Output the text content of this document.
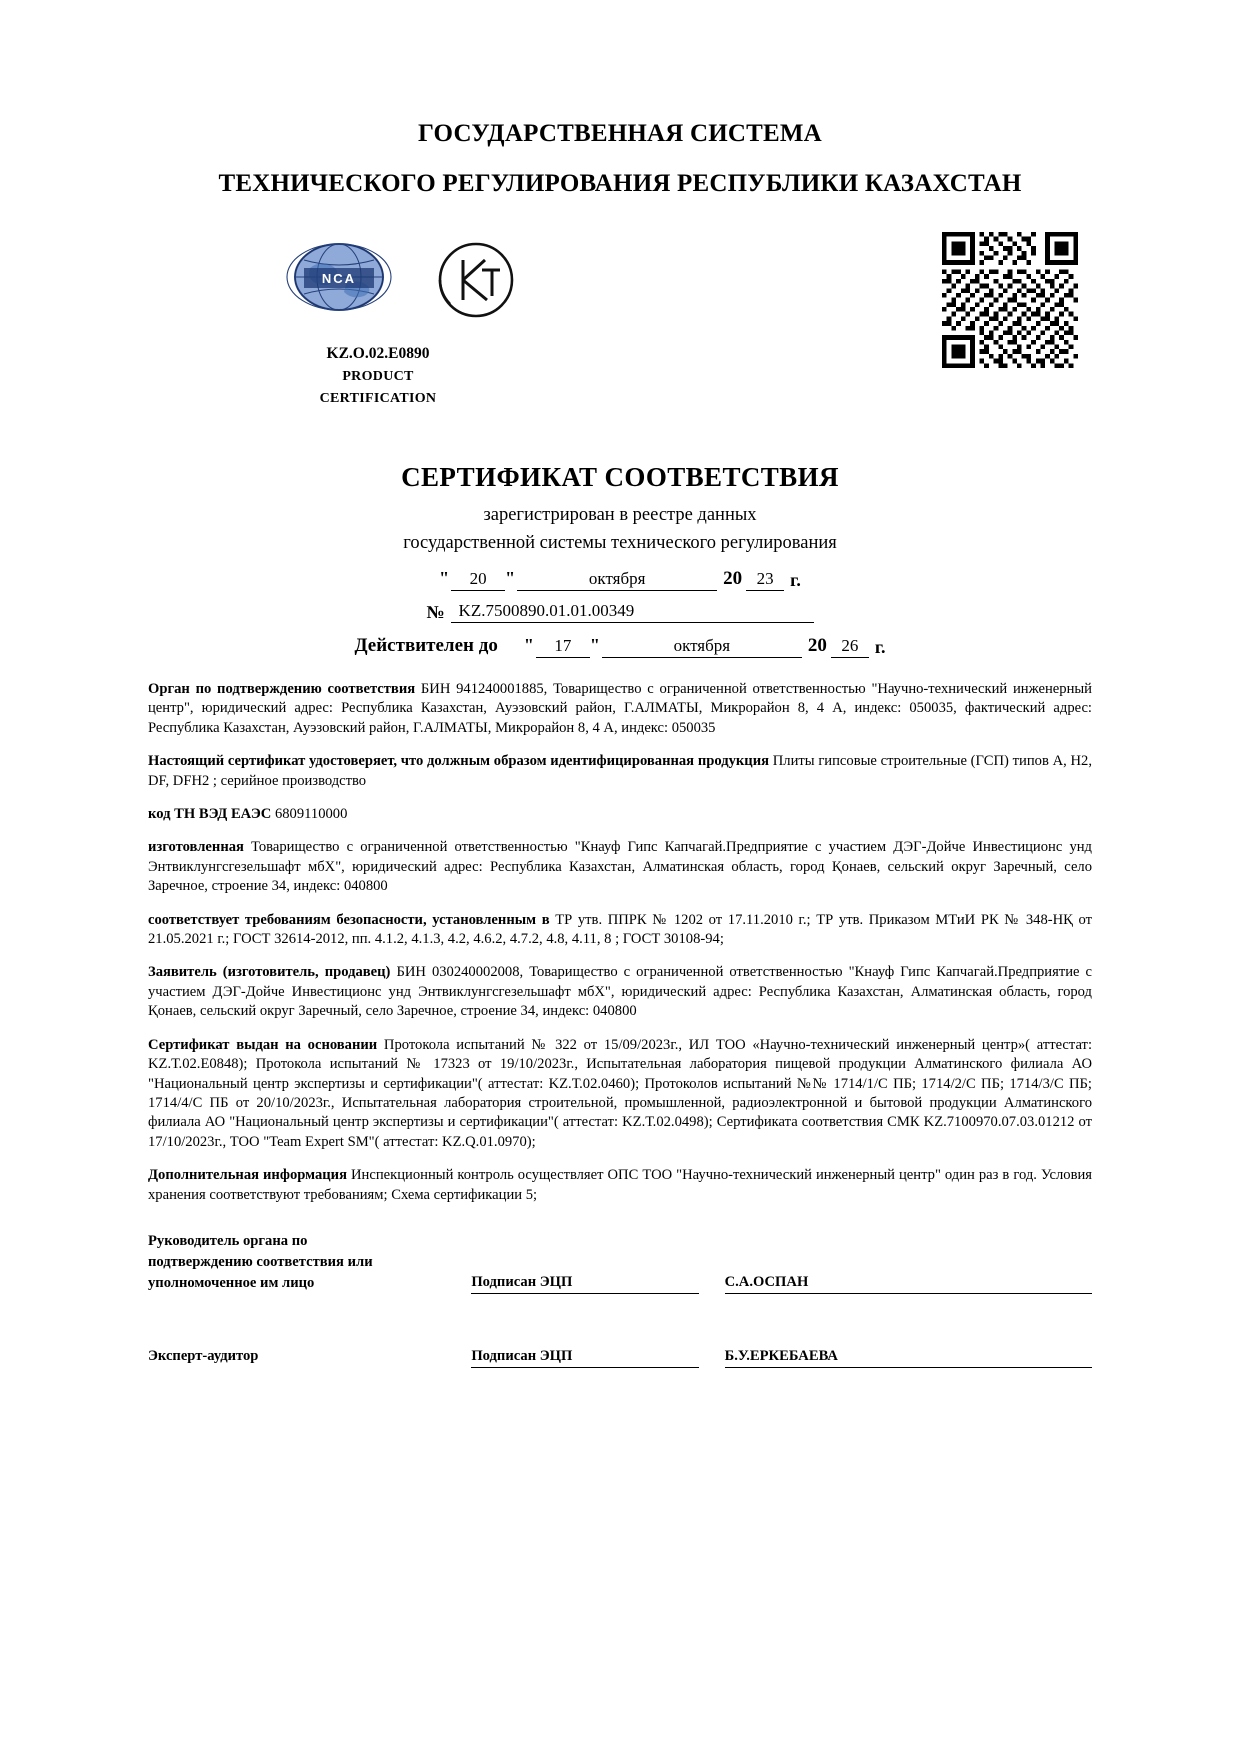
ГОСУДАРСТВЕННАЯ СИСТЕМА
ТЕХНИЧЕСКОГО РЕГУЛИРОВАНИЯ РЕСПУБЛИКИ КАЗАХСТАН
NCA
KZ.O.02.E0890
PRODUCT
CERTIFICATION
СЕРТИФИКАТ СООТВЕТСТВИЯ
зарегистрирован в реестре данных
государственной системы технического регулирования
"	20	"	октября	20 23 г.
№ KZ.7500890.01.01.00349
Действителен до	"	17	"	октября	20 26 г.

Орган по подтверждению соответствия БИН 941240001885, Товарищество с ограниченной ответственностью "Научно-технический инженерный центр", юридический адрес: Республика Казахстан, Ауэзовский район, Г.АЛМАТЫ, Микрорайон 8, 4 А, индекс: 050035, фактический адрес: Республика Казахстан, Ауэзовский район, Г.АЛМАТЫ, Микрорайон 8, 4 А, индекс: 050035

Настоящий сертификат удостоверяет, что должным образом идентифицированная продукция Плиты гипсовые строительные (ГСП) типов А, H2, DF, DFH2 ; серийное производство

код ТН ВЭД ЕАЭС 6809110000

изготовленная Товарищество с ограниченной ответственностью "Кнауф Гипс Капчагай.Предприятие с участием ДЭГ-Дойче Инвестиционс унд Энтвиклунгсгезельшафт мбХ", юридический адрес: Республика Казахстан, Алматинская область, город Қонаев, сельский округ Заречный, село Заречное, строение 34, индекс: 040800

соответствует требованиям безопасности, установленным в ТР утв. ППРК № 1202 от 17.11.2010 г.; ТР утв. Приказом МТиИ РК № 348-НҚ от 21.05.2021 г.; ГОСТ 32614-2012, пп. 4.1.2, 4.1.3, 4.2, 4.6.2, 4.7.2, 4.8, 4.11, 8 ; ГОСТ 30108-94;

Заявитель (изготовитель, продавец) БИН 030240002008, Товарищество с ограниченной ответственностью "Кнауф Гипс Капчагай.Предприятие с участием ДЭГ-Дойче Инвестиционс унд Энтвиклунгсгезельшафт мбХ", юридический адрес: Республика Казахстан, Алматинская область, город Қонаев, сельский округ Заречный, село Заречное, строение 34, индекс: 040800

Сертификат выдан на основании Протокола испытаний № 322 от 15/09/2023г., ИЛ ТОО «Научно-технический инженерный центр»( аттестат: KZ.Т.02.Е0848); Протокола испытаний № 17323 от 19/10/2023г., Испытательная лаборатория пищевой продукции Алматинского филиала АО "Национальный центр экспертизы и сертификации"( аттестат: KZ.Т.02.0460); Протоколов испытаний №№ 1714/1/С ПБ; 1714/2/С ПБ; 1714/3/С ПБ; 1714/4/С ПБ от 20/10/2023г., Испытательная лаборатория строительной, промышленной, радиоэлектронной и бытовой продукции Алматинского филиала АО "Национальный центр экспертизы и сертификации"( аттестат: KZ.Т.02.0498); Сертификата соответствия СМК KZ.7100970.07.03.01212 от 17/10/2023г., ТОО "Team Expert SM"( аттестат: KZ.Q.01.0970);

Дополнительная информация Инспекционный контроль осуществляет ОПС ТОО "Научно-технический инженерный центр" один раз в год. Условия хранения соответствуют требованиям; Схема сертификации 5;

Руководитель органа по
подтверждению соответствия или
уполномоченное им лицо	Подписан ЭЦП	С.А.ОСПАН
Эксперт-аудитор	Подписан ЭЦП	Б.У.ЕРКЕБАЕВА
